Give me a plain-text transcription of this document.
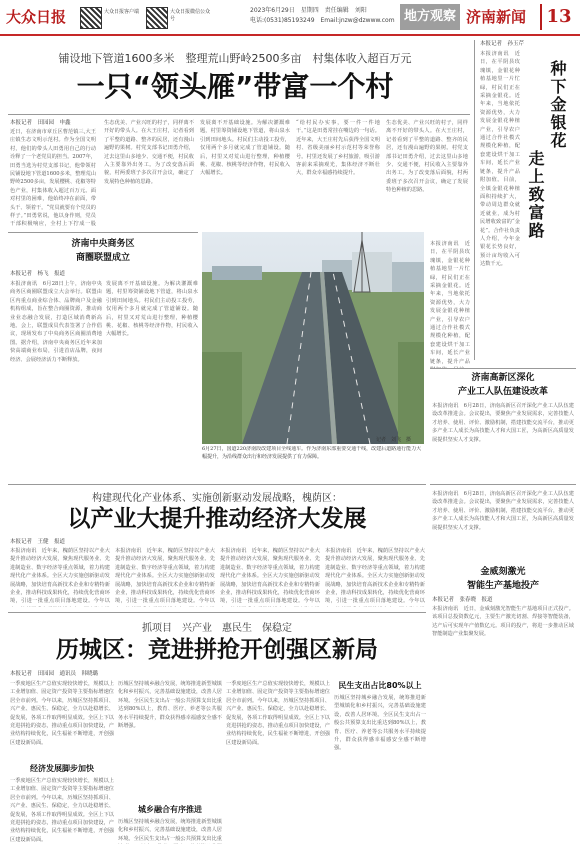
大众日报	大众日报客户端	大众日报微信公众号
2023年6月29日　星期四　责任编辑　刘阳
电话:(0531)85193249　Email:jnzw@dzwww.com 地方观察 济南新闻	13
铺设地下管道1600多米　整理荒山野岭2500多亩　村集体收入超百万元
一只“领头雁”带富一个村
本报记者　田园园　申鑫
近日，在济南市章丘区曹范镇三,大王庄镇生态文明示范村。作为全国文明村，他们的带头人田勇用自己的行动诠释了一个老党员的担当。2007年，田勇当选为村党支部书记，他带领村民铺设地下管道1600多米，整理荒山野岭2500多亩，发展樱桃、花椒等特色产业，村集体收入超过百万元。面对村里的困难，他始终冲在前面，带头干、领着干。“党员就要有个党员的样子。”田勇常说，他以身作则，党员干部积极响应，全村上下拧成一股
生态优美、产业兴旺的村子，同样离不开好的带头人。在大王庄村，记者看到了平整的道路、整齐的民居，还有漫山遍野的果树。村党支部书记田勇介绍，过去这里山多地少、交通不便，村民收入主要靠外出务工。为了改变落后面貌，村两委班子多次召开会议，确定了发展特色种植的思路。
发展离不开基础设施。为解决灌溉难题，村里筹资铺设地下管道，将山泉水引到田间地头。村民们主动投工投劳，仅用两个多月就完成了管道铺设。随后，村里又对荒山进行整理，种植樱桃、花椒、核桃等经济作物，村民收入大幅增长。
“给村民办实事，要一件一件地干。”这是田勇常挂在嘴边的一句话。近年来，大王庄村先后获得全国文明村、省级美丽乡村示范村等荣誉称号。村里还发展了乡村旅游，吸引游客前来采摘观光，集体经济不断壮大，群众幸福感持续提升。
生态优美、产业兴旺的村子，同样离不开好的带头人。在大王庄村，记者看到了平整的道路、整齐的民居，还有漫山遍野的果树。村党支部书记田勇介绍，过去这里山多地少、交通不便，村民收入主要靠外出务工。为了改变落后面貌，村两委班子多次召开会议，确定了发展特色种植的思路。
济南中央商务区
商圈联盟成立
本报记者　杨飞　报道
本报济南讯　6月28日上午，济南中央商务区商圈联盟成立大会举行。联盟由区内重点商业综合体、品牌商户及金融机构组成，旨在整合商圈资源，推动商业业态融合发展，打造区域消费新高地。会上，联盟成员代表签署了合作倡议，现场发布了中央商务区商圈消费地图。据介绍，济南中央商务区近年来加快高端商业布局，引进首店品牌，夜间经济、会展经济活力不断释放。
发展离不开基础设施。为解决灌溉难题，村里筹资铺设地下管道，将山泉水引到田间地头。村民们主动投工投劳，仅用两个多月就完成了管道铺设。随后，村里又对荒山进行整理，种植樱桃、花椒、核桃等经济作物，村民收入大幅增长。
6月27日，国道220济南段改建项目全线通车。作为济南东部重要交通干线，改建后道路通行能力大幅提升，为沿线群众出行和经济发展提供了有力保障。
记者　刘飞　摄
本报记者　孙玉芹
本报济南讯　近日，在平阴县玫瑰镇，金银花种植基地里一片忙碌，村民们正在采摘金银花。近年来，当地依托资源优势，大力发展金银花种植产业，引导农户通过合作社模式规模化种植，配套建设烘干加工车间，延长产业链条，提升产品附加值。目前，全镇金银花种植面积持续扩大，带动周边群众就近就业，成为村民增收致富的“金花”。合作社负责人介绍，今年金银花长势良好，预计亩均收入可达数千元。
种下金银花
走上致富路
本报济南讯　近日，在平阴县玫瑰镇，金银花种植基地里一片忙碌，村民们正在采摘金银花。近年来，当地依托资源优势，大力发展金银花种植产业，引导农户通过合作社模式规模化种植，配套建设烘干加工车间，延长产业链条，提升产品
济南高新区深化
产业工人队伍建设改革
本报济南讯　6月28日，济南高新区召开深化产业工人队伍建设改革推进会。会议提出，要聚焦产业发展需求，完善技能人才培养、使用、评价、激励机制，搭建技能交流平台，推动更多产业工人成长为高技能人才和大国工匠，为高新区高质量发展提供坚实人才支撑。
构建现代化产业体系、实施创新驱动发展战略，槐荫区：
以产业大提升推动经济大发展
本报记者　王健　报道
本报济南讯　近年来，槐荫区坚持以产业大提升推动经济大发展，聚焦现代服务业、先进制造业、数字经济等重点领域，着力构建现代化产业体系。全区大力实施创新驱动发展战略，加快培育高新技术企业和专精特新企业，推动科技成果转化，持续优化营商环境，引进一批重点项目落地建设。今年以
本报济南讯　近年来，槐荫区坚持以产业大提升推动经济大发展，聚焦现代服务业、先进制造业、数字经济等重点领域，着力构建现代化产业体系。全区大力实施创新驱动发展战略，加快培育高新技术企业和专精特新企业，推动科技成果转化，持续优化营商环境，引进一批重点项目落地建设。今年以
本报济南讯　近年来，槐荫区坚持以产业大提升推动经济大发展，聚焦现代服务业、先进制造业、数字经济等重点领域，着力构建现代化产业体系。全区大力实施创新驱动发展战略，加快培育高新技术企业和专精特新企业，推动科技成果转化，持续优化营商环境，引进一批重点项目落地建设。今年以
本报济南讯　近年来，槐荫区坚持以产业大提升推动经济大发展，聚焦现代服务业、先进制造业、数字经济等重点领域，着力构建现代化产业体系。全区大力实施创新驱动发展战略，加快培育高新技术企业和专精特新企业，推动科技成果转化，持续优化营商环境，引进一批重点项目落地建设。今年以
本报济南讯　6月28日，济南高新区召开深化产业工人队伍建设改革推进会。会议提出，要聚焦产业发展需求，完善技能人才培养、使用、评价、激励机制，搭建技能交流平台，推动更多产业工人成长为高技能人才和大国工匠，为高新区高质量发展提供坚实人才支撑。
金威刻激光
智能生产基地投产
本报记者　张春晓　报道
本报济南讯　近日，金威刻激光智能生产基地项目正式投产。该项目总投资数亿元，主要生产激光切割、焊接等智能装备，达产后可实现年产值数亿元。项目的投产，将进一步推动区域智能制造产业集聚发展。
抓项目　兴产业　惠民生　保稳定
历城区：竞进拼抢开创强区新局
本报记者　田园园　通讯员　韩晓璐
一季度地区生产总值实现较快增长，规模以上工业增加值、固定资产投资等主要指标增速位居全市前列。今年以来，历城区坚持抓项目、兴产业、惠民生、保稳定，全力以赴稳增长、促发展，各项工作取得明显成效。全区上下以竞进拼抢的姿态，推动重点项目加快建设，产业结构持续优化，民生福祉不断增进，开创强区建设新局面。
经济发展脚步加快
一季度地区生产总值实现较快增长，规模以上工业增加值、固定资产投资等主要指标增速位居全市前列。今年以来，历城区坚持抓项目、兴产业、惠民生、保稳定，全力以赴稳增长、促发展，各项工作取得明显成效。全区上下以竞进拼抢的姿态，推动重点项目加快建设，产业结构持续优化，民生福祉不断增进，开创强区建设新局面。
历城区坚持城乡融合发展，统筹推进新型城镇化和乡村振兴，完善基础设施建设，改善人居环境。全区民生支出占一般公共预算支出比重达到80%以上，教育、医疗、养老等公共服务水平持续提升，群众获得感幸福感安全感不断增强。
城乡融合有序推进
历城区坚持城乡融合发展，统筹推进新型城镇化和乡村振兴，完善基础设施建设，改善人居环境。全区民生支出占一般公共预算支出比重
一季度地区生产总值实现较快增长，规模以上工业增加值、固定资产投资等主要指标增速位居全市前列。今年以来，历城区坚持抓项目、兴产业、惠民生、保稳定，全力以赴稳增长、促发展，各项工作取得明显成效。全区上下以竞进拼抢的姿态，推动重点项目加快建设，产业结构持续优化，民生福祉不断增进，开创强区建设新局面。
民生支出占比80%以上
历城区坚持城乡融合发展，统筹推进新型城镇化和乡村振兴，完善基础设施建设，改善人居环境。全区民生支出占一般公共预算支出比重达到80%以上，教育、医疗、养老等公共服务水平持续提升，群众获得感幸福感安全感不断增强。
